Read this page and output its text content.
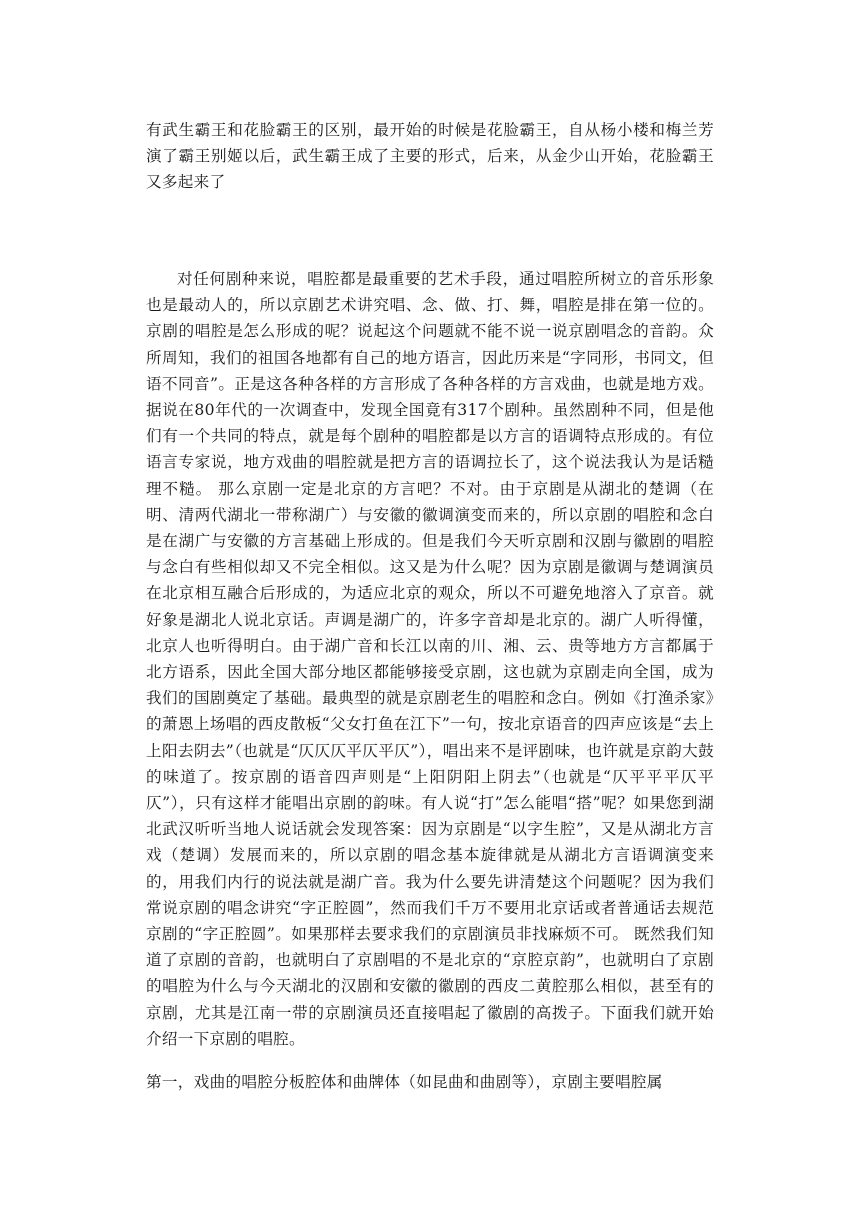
有武生霸王和花脸霸王的区别，最开始的时候是花脸霸王，自从杨小楼和梅兰芳演了霸王别姬以后，武生霸王成了主要的形式，后来，从金少山开始，花脸霸王又多起来了

对任何剧种来说，唱腔都是最重要的艺术手段，通过唱腔所树立的音乐形象也是最动人的，所以京剧艺术讲究唱、念、做、打、舞，唱腔是排在第一位的。 京剧的唱腔是怎么形成的呢？说起这个问题就不能不说一说京剧唱念的音韵。众所周知，我们的祖国各地都有自己的地方语言，因此历来是“字同形，书同文，但语不同音”。正是这各种各样的方言形成了各种各样的方言戏曲，也就是地方戏。据说在80年代的一次调查中，发现全国竟有317个剧种。虽然剧种不同，但是他们有一个共同的特点，就是每个剧种的唱腔都是以方言的语调特点形成的。有位语言专家说，地方戏曲的唱腔就是把方言的语调拉长了，这个说法我认为是话糙理不糙。 那么京剧一定是北京的方言吧？不对。由于京剧是从湖北的楚调（在明、清两代湖北一带称湖广）与安徽的徽调演变而来的，所以京剧的唱腔和念白是在湖广与安徽的方言基础上形成的。但是我们今天听京剧和汉剧与徽剧的唱腔与念白有些相似却又不完全相似。这又是为什么呢？因为京剧是徽调与楚调演员在北京相互融合后形成的，为适应北京的观众，所以不可避免地溶入了京音。就好象是湖北人说北京话。声调是湖广的，许多字音却是北京的。湖广人听得懂，北京人也听得明白。由于湖广音和长江以南的川、湘、云、贵等地方方言都属于北方语系，因此全国大部分地区都能够接受京剧，这也就为京剧走向全国，成为我们的国剧奠定了基础。最典型的就是京剧老生的唱腔和念白。例如《打渔杀家》的萧恩上场唱的西皮散板“父女打鱼在江下”一句，按北京语音的四声应该是“去上上阳去阴去”（也就是“仄仄仄平仄平仄”），唱出来不是评剧味，也许就是京韵大鼓的味道了。按京剧的语音四声则是“上阳阴阳上阴去”（也就是“仄平平平仄平仄”），只有这样才能唱出京剧的韵味。有人说“打”怎么能唱“搭”呢？如果您到湖北武汉听听当地人说话就会发现答案：因为京剧是“以字生腔”，又是从湖北方言戏（楚调）发展而来的，所以京剧的唱念基本旋律就是从湖北方言语调演变来的，用我们内行的说法就是湖广音。我为什么要先讲清楚这个问题呢？因为我们常说京剧的唱念讲究“字正腔圆”，然而我们千万不要用北京话或者普通话去规范京剧的“字正腔圆”。如果那样去要求我们的京剧演员非找麻烦不可。 既然我们知道了京剧的音韵，也就明白了京剧唱的不是北京的“京腔京韵”，也就明白了京剧的唱腔为什么与今天湖北的汉剧和安徽的徽剧的西皮二黄腔那么相似，甚至有的京剧，尤其是江南一带的京剧演员还直接唱起了徽剧的高拨子。下面我们就开始介绍一下京剧的唱腔。

第一，戏曲的唱腔分板腔体和曲牌体（如昆曲和曲剧等），京剧主要唱腔属
